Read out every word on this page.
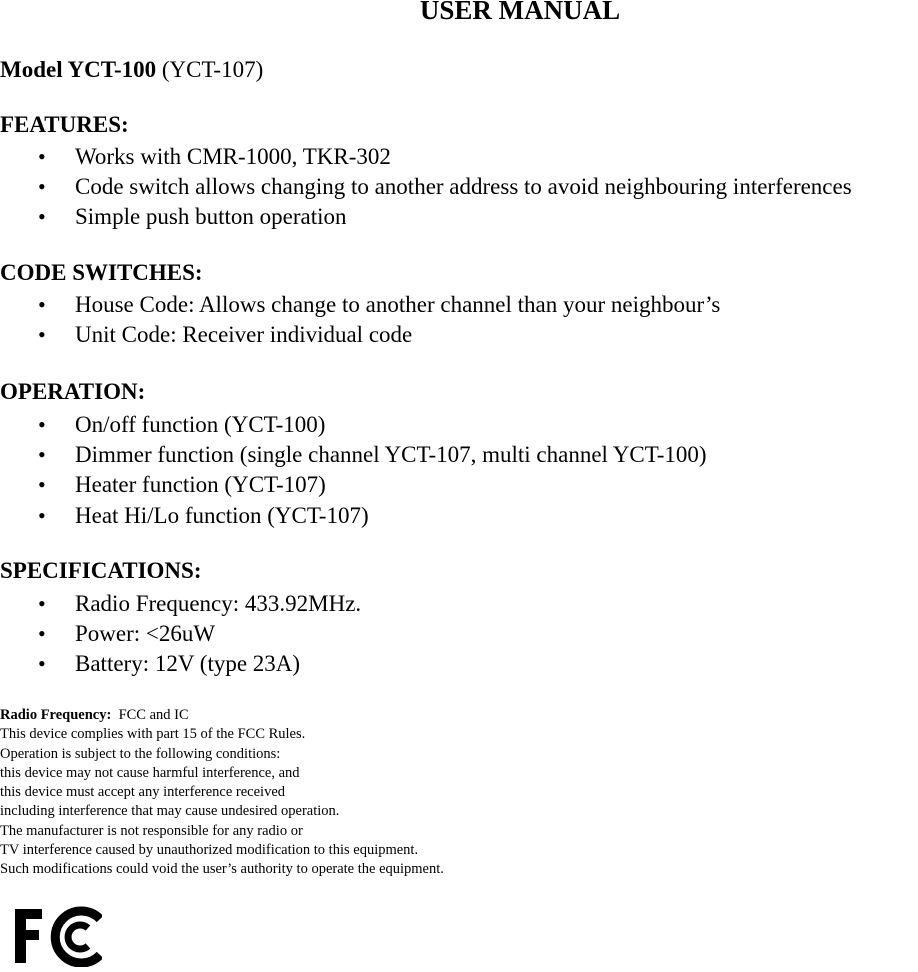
USER MANUAL
Model YCT-100 (YCT-107)
FEATURES:
• Works with CMR-1000, TKR-302
• Code switch allows changing to another address to avoid neighbouring interferences
• Simple push button operation
CODE SWITCHES:
• House Code: Allows change to another channel than your neighbour’s
• Unit Code: Receiver individual code
OPERATION:
• On/off function (YCT-100)
• Dimmer function (single channel YCT-107, multi channel YCT-100)
• Heater function (YCT-107)
• Heat Hi/Lo function (YCT-107)
SPECIFICATIONS:
• Radio Frequency: 433.92MHz.
• Power: <26uW
• Battery: 12V (type 23A)
Radio Frequency: FCC and IC
This device complies with part 15 of the FCC Rules.
Operation is subject to the following conditions:
this device may not cause harmful interference, and
this device must accept any interference received
including interference that may cause undesired operation.
The manufacturer is not responsible for any radio or
TV interference caused by unauthorized modification to this equipment.
Such modifications could void the user’s authority to operate the equipment.
